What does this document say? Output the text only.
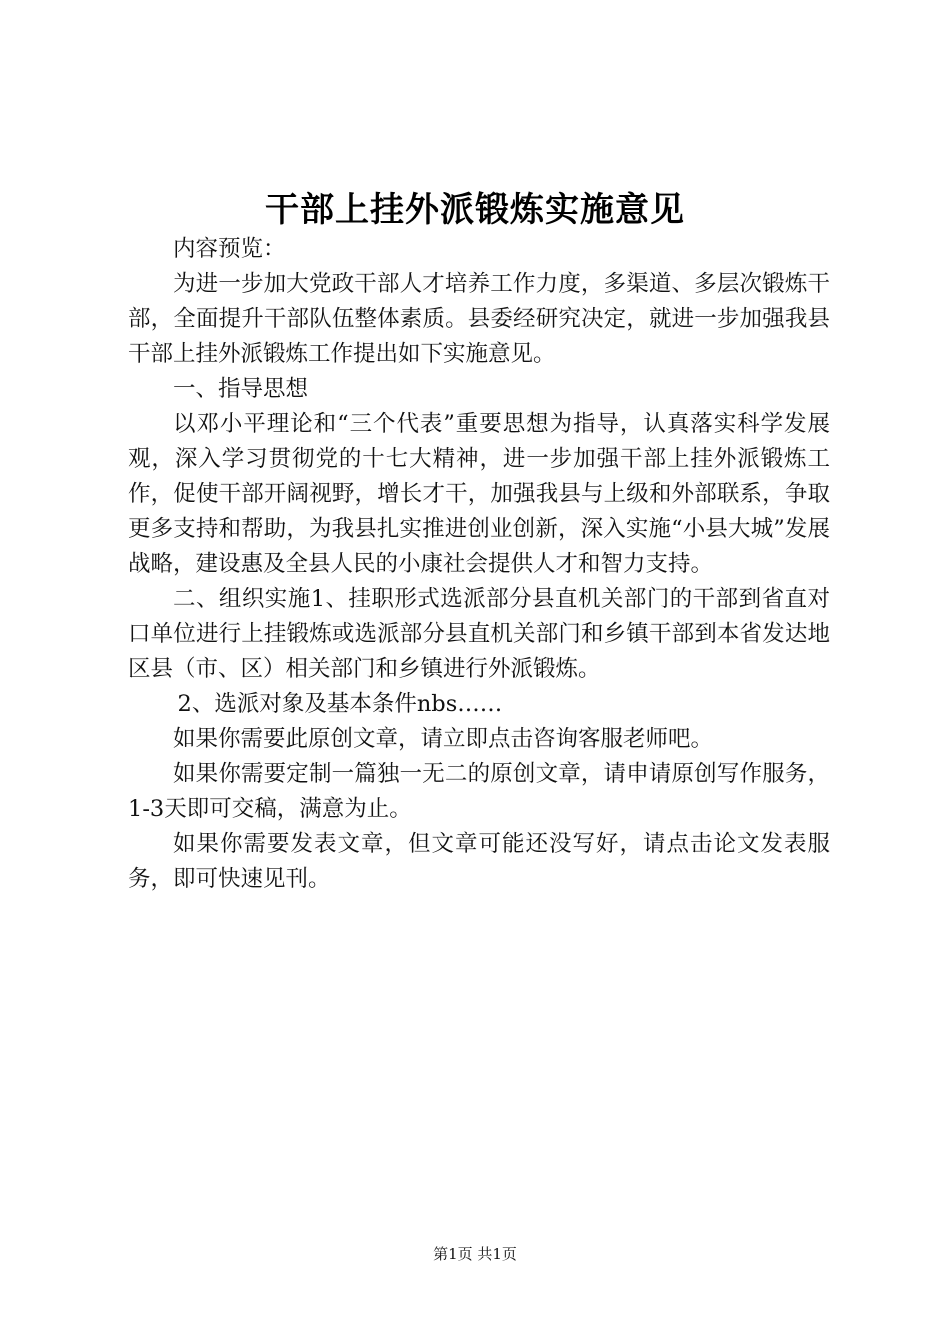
干部上挂外派锻炼实施意见

内容预览：

为进一步加大党政干部人才培养工作力度，多渠道、多层次锻炼干部，全面提升干部队伍整体素质。县委经研究决定，就进一步加强我县干部上挂外派锻炼工作提出如下实施意见。

一、指导思想

以邓小平理论和“三个代表”重要思想为指导，认真落实科学发展观，深入学习贯彻党的十七大精神，进一步加强干部上挂外派锻炼工作，促使干部开阔视野，增长才干，加强我县与上级和外部联系，争取更多支持和帮助，为我县扎实推进创业创新，深入实施“小县大城”发展战略，建设惠及全县人民的小康社会提供人才和智力支持。

二、组织实施1、挂职形式选派部分县直机关部门的干部到省直对口单位进行上挂锻炼或选派部分县直机关部门和乡镇干部到本省发达地区县（市、区）相关部门和乡镇进行外派锻炼。

2、选派对象及基本条件nbs……

如果你需要此原创文章，请立即点击咨询客服老师吧。

如果你需要定制一篇独一无二的原创文章，请申请原创写作服务，1-3天即可交稿，满意为止。

如果你需要发表文章，但文章可能还没写好，请点击论文发表服务，即可快速见刊。

第1页 共1页
